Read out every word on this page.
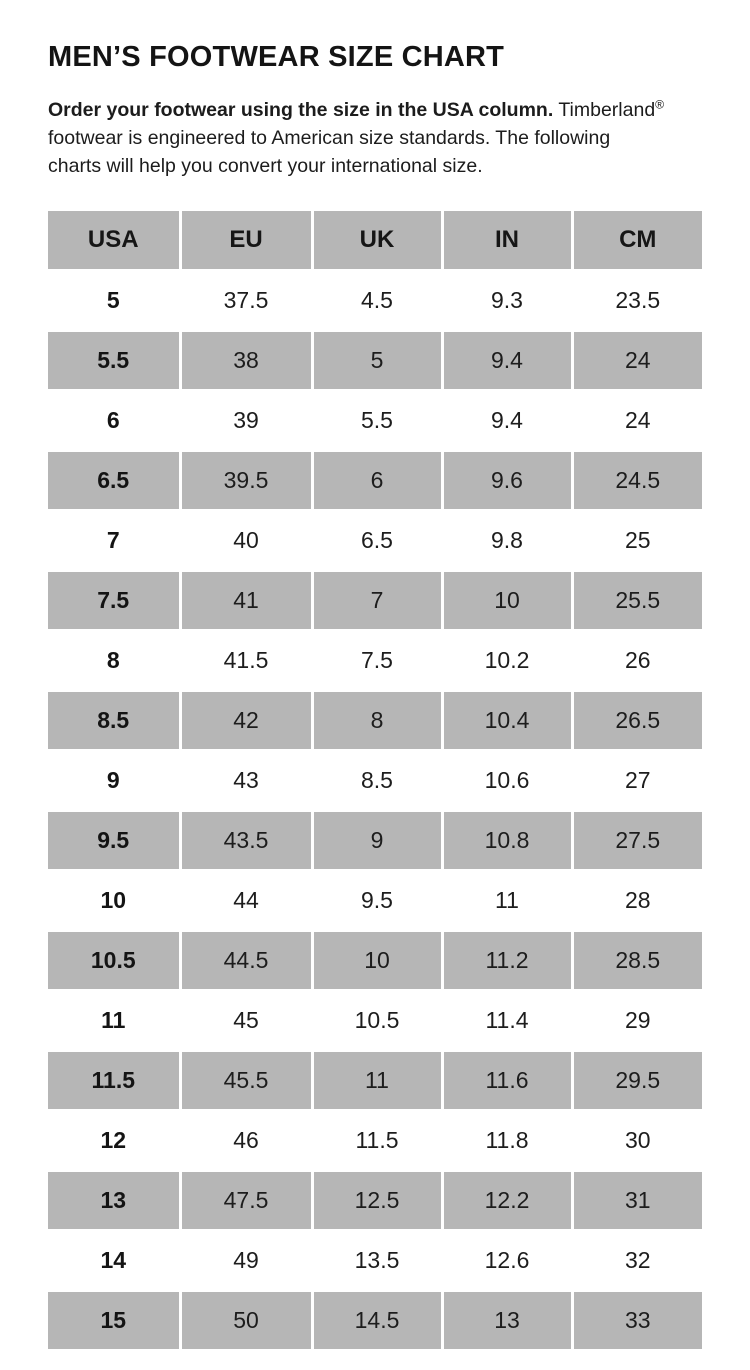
MEN’S FOOTWEAR SIZE CHART

Order your footwear using the size in the USA column. Timberland® footwear is engineered to American size standards. The following charts will help you convert your international size.

USA	EU	UK	IN	CM
5	37.5	4.5	9.3	23.5
5.5	38	5	9.4	24
6	39	5.5	9.4	24
6.5	39.5	6	9.6	24.5
7	40	6.5	9.8	25
7.5	41	7	10	25.5
8	41.5	7.5	10.2	26
8.5	42	8	10.4	26.5
9	43	8.5	10.6	27
9.5	43.5	9	10.8	27.5
10	44	9.5	11	28
10.5	44.5	10	11.2	28.5
11	45	10.5	11.4	29
11.5	45.5	11	11.6	29.5
12	46	11.5	11.8	30
13	47.5	12.5	12.2	31
14	49	13.5	12.6	32
15	50	14.5	13	33
